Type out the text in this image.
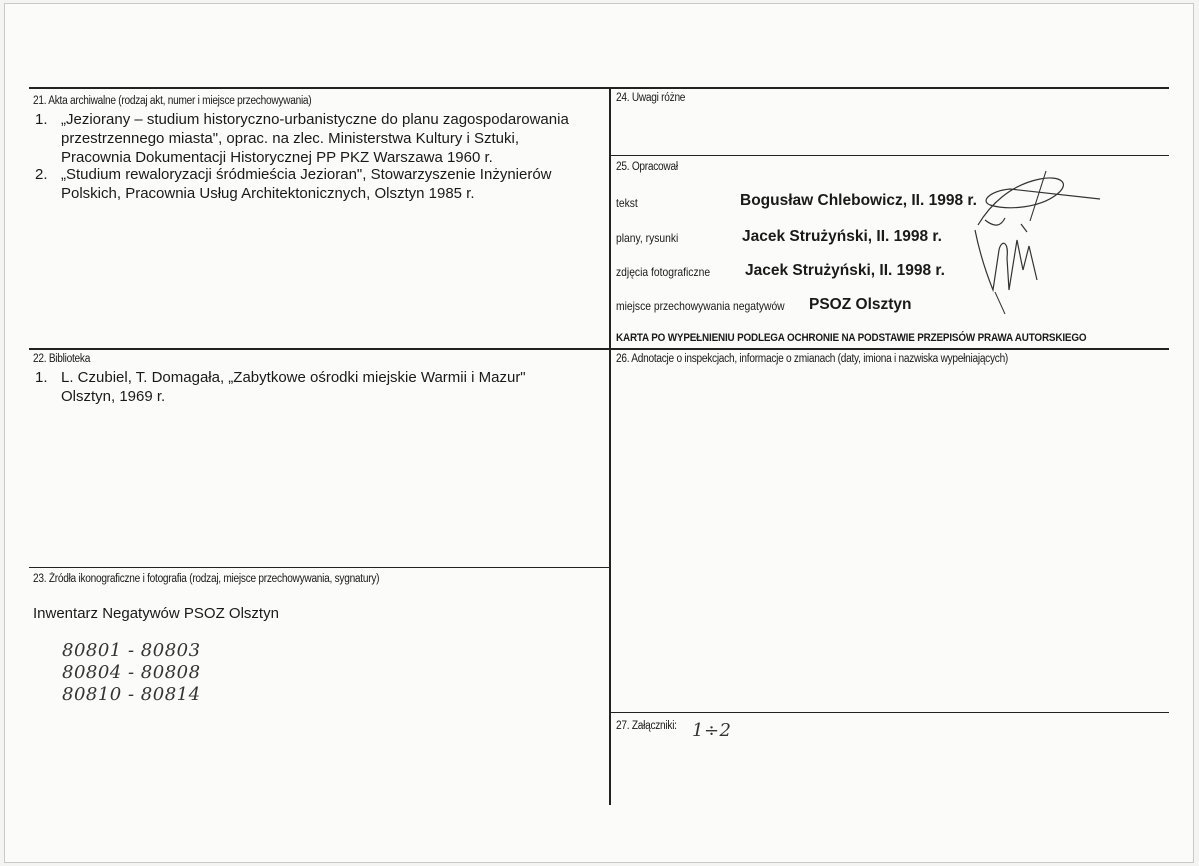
21. Akta archiwalne (rodzaj akt, numer i miejsce przechowywania)
1. „Jeziorany – studium historyczno-urbanistyczne do planu zagospodarowania
przestrzennego miasta", oprac. na zlec. Ministerstwa Kultury i Sztuki,
Pracownia Dokumentacji Historycznej PP PKZ Warszawa 1960 r.
2. „Studium rewaloryzacji śródmieścia Jezioran", Stowarzyszenie Inżynierów
Polskich, Pracownia Usług Architektonicznych, Olsztyn 1985 r.
22. Biblioteka
1. L. Czubiel, T. Domagała, „Zabytkowe ośrodki miejskie Warmii i Mazur"
Olsztyn, 1969 r.
23. Źródła ikonograficzne i fotografia (rodzaj, miejsce przechowywania, sygnatury)
Inwentarz Negatywów PSOZ Olsztyn
80801 - 80803
80804 - 80808
80810 - 80814
24. Uwagi różne
25. Opracował
tekst	Bogusław Chlebowicz, II. 1998 r.
plany, rysunki	Jacek Strużyński, II. 1998 r.
zdjęcia fotograficzne Jacek Strużyński, II. 1998 r.
miejsce przechowywania negatywów PSOZ Olsztyn
KARTA PO WYPEŁNIENIU PODLEGA OCHRONIE NA PODSTAWIE PRZEPISÓW PRAWA AUTORSKIEGO
26. Adnotacje o inspekcjach, informacje o zmianach (daty, imiona i nazwiska wypełniających)
27. Załączniki: 1÷2
